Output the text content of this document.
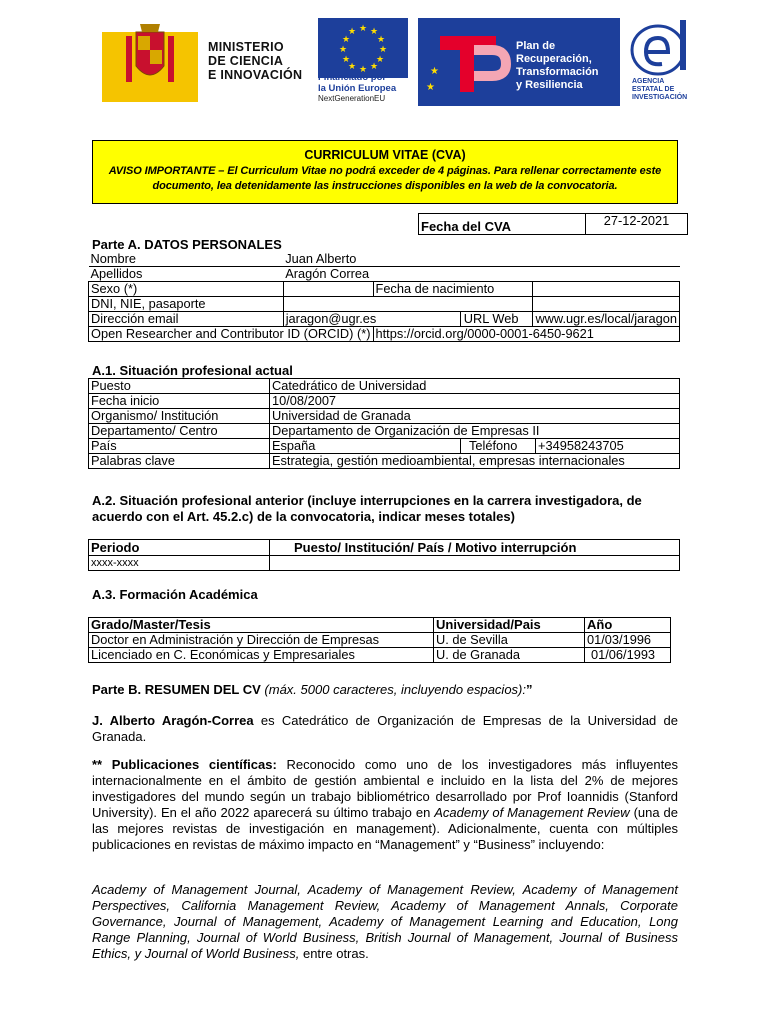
MINISTERIO
DE CIENCIA
E INNOVACIÓN
★ ★
★
★
★
★
★
★
★
★
★
★
Financiado por
la Unión Europea
NextGenerationEU
★
★
Plan de
Recuperación,
Transformación
y Resiliencia	AGENCIA
ESTATAL DE
INVESTIGACIÓN
CURRICULUM VITAE (CVA)
AVISO IMPORTANTE – El Curriculum Vitae no podrá exceder de 4 páginas. Para rellenar correctamente este
documento, lea detenidamente las instrucciones disponibles en la web de la convocatoria.
Fecha del CVA	27-12-2021
Parte A. DATOS PERSONALES
Nombre	Juan Alberto		
Apellidos	Aragón Correa		
Sexo (*)		Fecha de nacimiento	
DNI, NIE, pasaporte			
Dirección email	jaragon@ugr.es URL Web		www.ugr.es/local/jaragon
Open Researcher and Contributor ID (ORCID) (*)		https://orcid.org/0000-0001-6450-9621	
A.1. Situación profesional actual
Puesto	Catedrático de Universidad		
Fecha inicio	10/08/2007		
Organismo/ Institución	Universidad de Granada		
Departamento/ Centro	Departamento de Organización de Empresas II		
País	España	Teléfono	+34958243705
Palabras clave	Estrategia, gestión medioambiental, empresas internacionales		
A.2. Situación profesional anterior (incluye interrupciones en la carrera investigadora, de
acuerdo con el Art. 45.2.c) de la convocatoria, indicar meses totales)
Periodo	Puesto/ Institución/ País / Motivo interrupción
xxxx-xxxx	
A.3. Formación Académica
Grado/Master/Tesis	Universidad/Pais	Año
Doctor en Administración y Dirección de Empresas	U. de Sevilla	01/03/1996
Licenciado en C. Económicas y Empresariales	U. de Granada	01/06/1993
Parte B. RESUMEN DEL CV (máx. 5000 caracteres, incluyendo espacios):”
J. Alberto Aragón-Correa es Catedrático de Organización de Empresas de la Universidad de Granada.
** Publicaciones científicas: Reconocido como uno de los investigadores más influyentes internacionalmente en el ámbito de gestión ambiental e incluido en la lista del 2% de mejores investigadores del mundo según un trabajo bibliométrico desarrollado por Prof Ioannidis (Stanford University). En el año 2022 aparecerá su último trabajo en Academy of Management Review (una de las mejores revistas de investigación en management). Adicionalmente, cuenta con múltiples publicaciones en revistas de máximo impacto en “Management” y “Business” incluyendo:
Academy of Management Journal, Academy of Management Review, Academy of Management Perspectives, California Management Review, Academy of Management Annals, Corporate Governance, Journal of Management, Academy of Management Learning and Education, Long Range Planning, Journal of World Business, British Journal of Management, Journal of Business Ethics, y Journal of World Business, entre otras.
